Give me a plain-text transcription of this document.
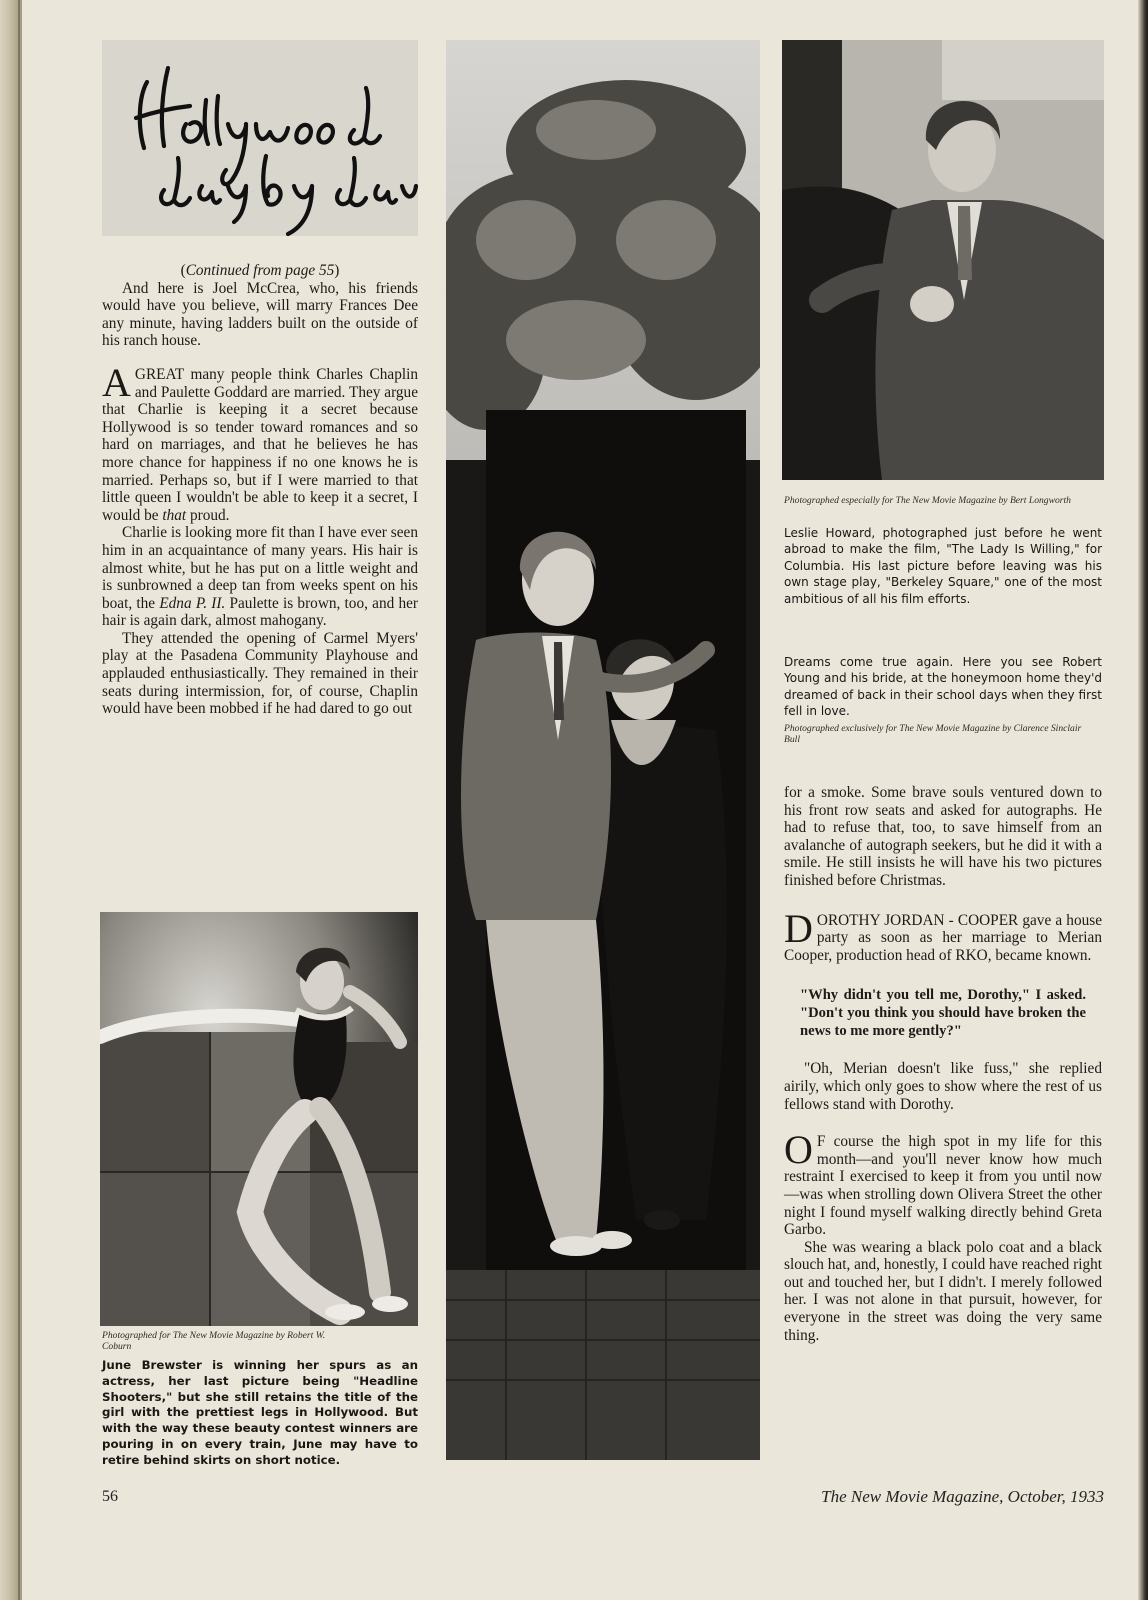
(Continued from page 55)

And here is Joel McCrea, who, his friends would have you believe, will marry Frances Dee any minute, having ladders built on the outside of his ranch house.

AGREAT many people think Charles Chaplin and Paulette Goddard are married. They argue that Charlie is keeping it a secret because Hollywood is so tender toward romances and so hard on marriages, and that he believes he has more chance for happiness if no one knows he is married. Perhaps so, but if I were married to that little queen I wouldn't be able to keep it a secret, I would be that proud.

Charlie is looking more fit than I have ever seen him in an acquaintance of many years. His hair is almost white, but he has put on a little weight and is sunbrowned a deep tan from weeks spent on his boat, the Edna P. II. Paulette is brown, too, and her hair is again dark, almost mahogany.

They attended the opening of Carmel Myers' play at the Pasadena Community Playhouse and applauded enthusiastically. They remained in their seats during intermission, for, of course, Chaplin would have been mobbed if he had dared to go out

Photographed for The New Movie Magazine by Robert W. Coburn
June Brewster is winning her spurs as an actress, her last picture being "Headline Shooters," but she still retains the title of the girl with the prettiest legs in Hollywood. But with the way these beauty contest winners are pouring in on every train, June may have to retire behind skirts on short notice.
Photographed especially for The New Movie Magazine by Bert Longworth
Leslie Howard, photographed just before he went abroad to make the film, "The Lady Is Willing," for Columbia. His last picture before leaving was his own stage play, "Berkeley Square," one of the most ambitious of all his film efforts.
Dreams come true again. Here you see Robert Young and his bride, at the honeymoon home they'd dreamed of back in their school days when they first fell in love.
Photographed exclusively for The New Movie Magazine by Clarence Sinclair Bull

for a smoke. Some brave souls ventured down to his front row seats and asked for autographs. He had to refuse that, too, to save himself from an avalanche of autograph seekers, but he did it with a smile. He still insists he will have his two pictures finished before Christmas.

DOROTHY JORDAN - COOPER gave a house party as soon as her marriage to Merian Cooper, production head of RKO, became known.

"Why didn't you tell me, Dorothy," I asked. "Don't you think you should have broken the news to me more gently?"

"Oh, Merian doesn't like fuss," she replied airily, which only goes to show where the rest of us fellows stand with Dorothy.

O F course the high spot in my life for this month—and you'll never know how much restraint I exercised to keep it from you until now—was when strolling down Olivera Street the other night I found myself walking directly behind Greta Garbo.

She was wearing a black polo coat and a black slouch hat, and, honestly, I could have reached right out and touched her, but I didn't. I merely followed her. I was not alone in that pursuit, however, for everyone in the street was doing the very same thing.

56	The New Movie Magazine, October, 1933
